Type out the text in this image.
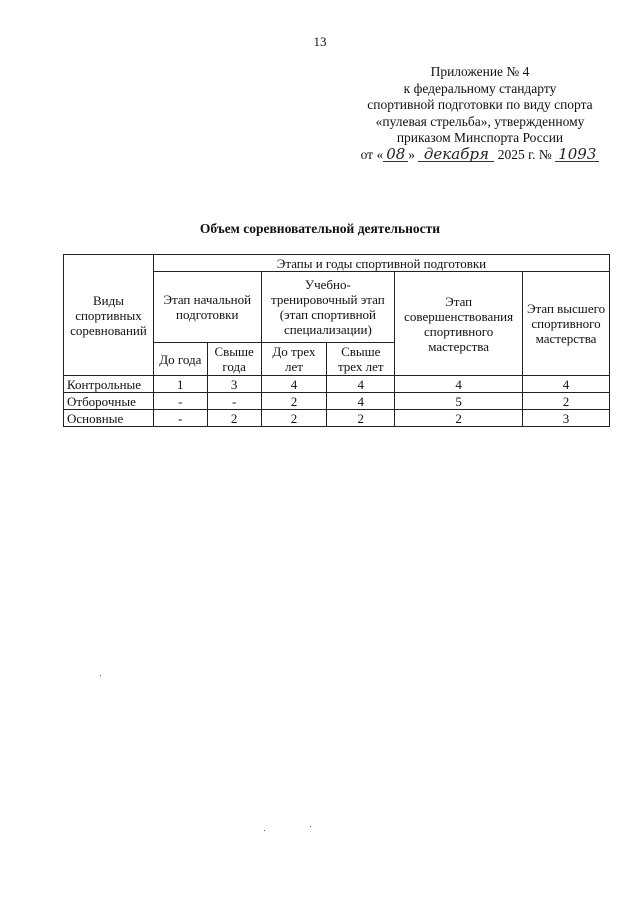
13
Приложение № 4
к федеральному стандарту
спортивной подготовки по виду спорта
«пулевая стрельба», утвержденному
приказом Минспорта России
от « 08 » декабря 2025 г. № 1093
Объем соревновательной деятельности
Виды спортивных соревнований	Этапы и годы спортивной подготовки					
	Этап начальной подготовки		Учебно-тренировочный этап (этап спортивной специализации)		Этап совершенствования спортивного мастерства	Этап высшего спортивного мастерства
	До года	Свыше года	До трех лет	Свыше трех лет		
Контрольные	1	3	4	4	4	4
Отборочные	-	-	2	4	5	2
Основные	-	2	2	2	2	3
